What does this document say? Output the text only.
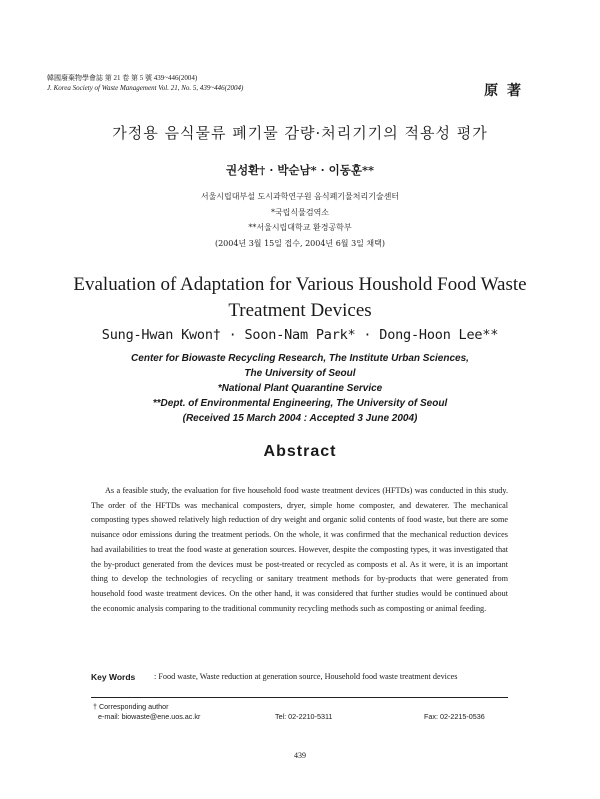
韓國廢棄物學會誌 第 21 卷 第 5 號 439~446(2004)
J. Korea Society of Waste Management Vol. 21, No. 5, 439~446(2004)	原 著
가정용 음식물류 폐기물 감량·처리기기의 적용성 평가
권성환† · 박순남* · 이동훈**
서울시립대부설 도시과학연구원 음식폐기물처리기술센터
*국립식물검역소
**서울시립대학교 환경공학부
(2004년 3월 15일 접수, 2004년 6월 3일 채택)
Evaluation of Adaptation for Various Houshold Food Waste
Treatment Devices
Sung-Hwan Kwon† · Soon-Nam Park* · Dong-Hoon Lee**
Center for Biowaste Recycling Research, The Institute Urban Sciences,
The University of Seoul
*National Plant Quarantine Service
**Dept. of Environmental Engineering, The University of Seoul
(Received 15 March 2004 : Accepted 3 June 2004)
Abstract
As a feasible study, the evaluation for five household food waste treatment devices (HFTDs) was conducted in this study. The order of the HFTDs was mechanical composters, dryer, simple home composter, and dewaterer. The mechanical composting types showed relatively high reduction of dry weight and organic solid contents of food waste, but there are some nuisance odor emissions during the treatment periods. On the whole, it was confirmed that the mechanical reduction devices had availabilities to treat the food waste at generation sources. However, despite the composting types, it was investigated that the by-product generated from the devices must be post-treated or recycled as composts et al. As it were, it is an important thing to develop the technologies of recycling or sanitary treatment methods for by-products that were generated from household food waste treatment devices. On the other hand, it was considered that further studies would be continued about the economic analysis comparing to the traditional community recycling methods such as composting or animal feeding.
Key Words : Food waste, Waste reduction at generation source, Household food waste treatment devices
† Corresponding author
e-mail: biowaste@ene.uos.ac.kr	Tel: 02-2210-5311	Fax: 02-2215-0536
439
